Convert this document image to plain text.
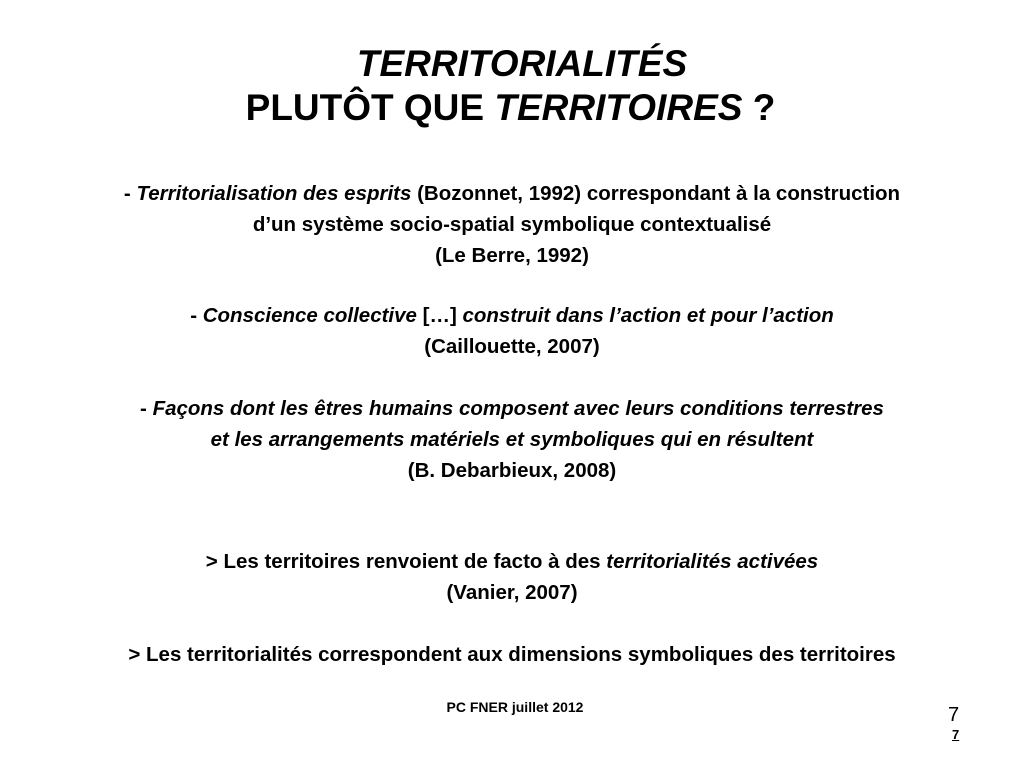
TERRITORIALITÉS
PLUTÔT QUE TERRITOIRES ?
- Territorialisation des esprits (Bozonnet, 1992) correspondant à la construction
d’un système socio-spatial symbolique contextualisé
(Le Berre, 1992)
- Conscience collective […] construit dans l’action et pour l’action
(Caillouette, 2007)
- Façons dont les êtres humains composent avec leurs conditions terrestres
et les arrangements matériels et symboliques qui en résultent
(B. Debarbieux, 2008)
> Les territoires renvoient de facto à des territorialités activées
(Vanier, 2007)
> Les territorialités correspondent aux dimensions symboliques des territoires
PC FNER juillet 2012	7
7
